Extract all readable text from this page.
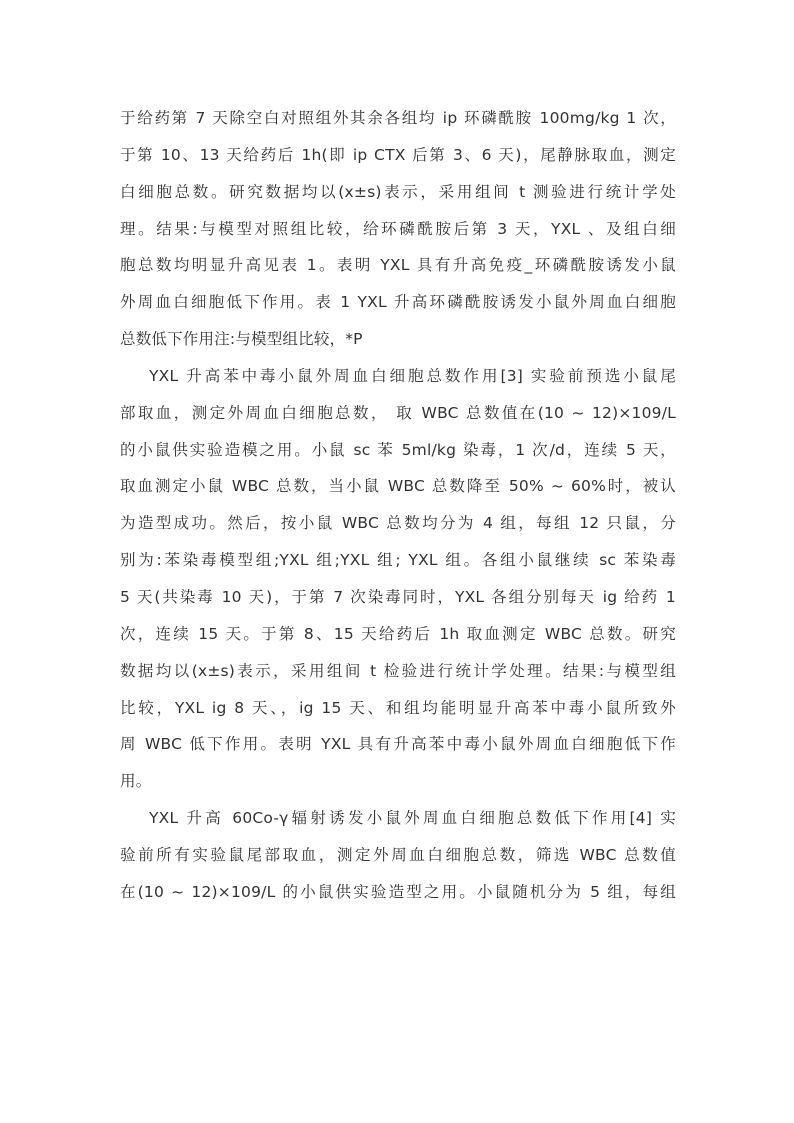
于给药第 7 天除空白对照组外其余各组均 ip 环磷酰胺 100mg/kg 1 次，
于第 10、13 天给药后 1h(即 ip CTX 后第 3、6 天)，尾静脉取血，测定
白细胞总数。研究数据均以(x±s)表示，采用组间 t 测验进行统计学处
理。结果:与模型对照组比较，给环磷酰胺后第 3 天，YXL 、及组白细
胞总数均明显升高见表 1。表明 YXL 具有升高免疫_环磷酰胺诱发小鼠
外周血白细胞低下作用。表 1 YXL 升高环磷酰胺诱发小鼠外周血白细胞
总数低下作用注:与模型组比较，*P
YXL 升高苯中毒小鼠外周血白细胞总数作用[3] 实验前预选小鼠尾
部取血，测定外周血白细胞总数， 取 WBC 总数值在(10 ~ 12)×109/L
的小鼠供实验造模之用。小鼠 sc 苯 5ml/kg 染毒，1 次/d，连续 5 天，
取血测定小鼠 WBC 总数，当小鼠 WBC 总数降至 50% ~ 60%时，被认
为造型成功。然后，按小鼠 WBC 总数均分为 4 组，每组 12 只鼠，分
别为:苯染毒模型组;YXL 组;YXL 组; YXL 组。各组小鼠继续 sc 苯染毒
5 天(共染毒 10 天)，于第 7 次染毒同时，YXL 各组分别每天 ig 给药 1
次，连续 15 天。于第 8、15 天给药后 1h 取血测定 WBC 总数。研究
数据均以(x±s)表示，采用组间 t 检验进行统计学处理。结果:与模型组
比较，YXL ig 8 天、，ig 15 天、和组均能明显升高苯中毒小鼠所致外
周 WBC 低下作用。表明 YXL 具有升高苯中毒小鼠外周血白细胞低下作
用。
YXL 升高 60Co-γ辐射诱发小鼠外周血白细胞总数低下作用[4] 实
验前所有实验鼠尾部取血，测定外周血白细胞总数，筛选 WBC 总数值
在(10 ~ 12)×109/L 的小鼠供实验造型之用。小鼠随机分为 5 组，每组
